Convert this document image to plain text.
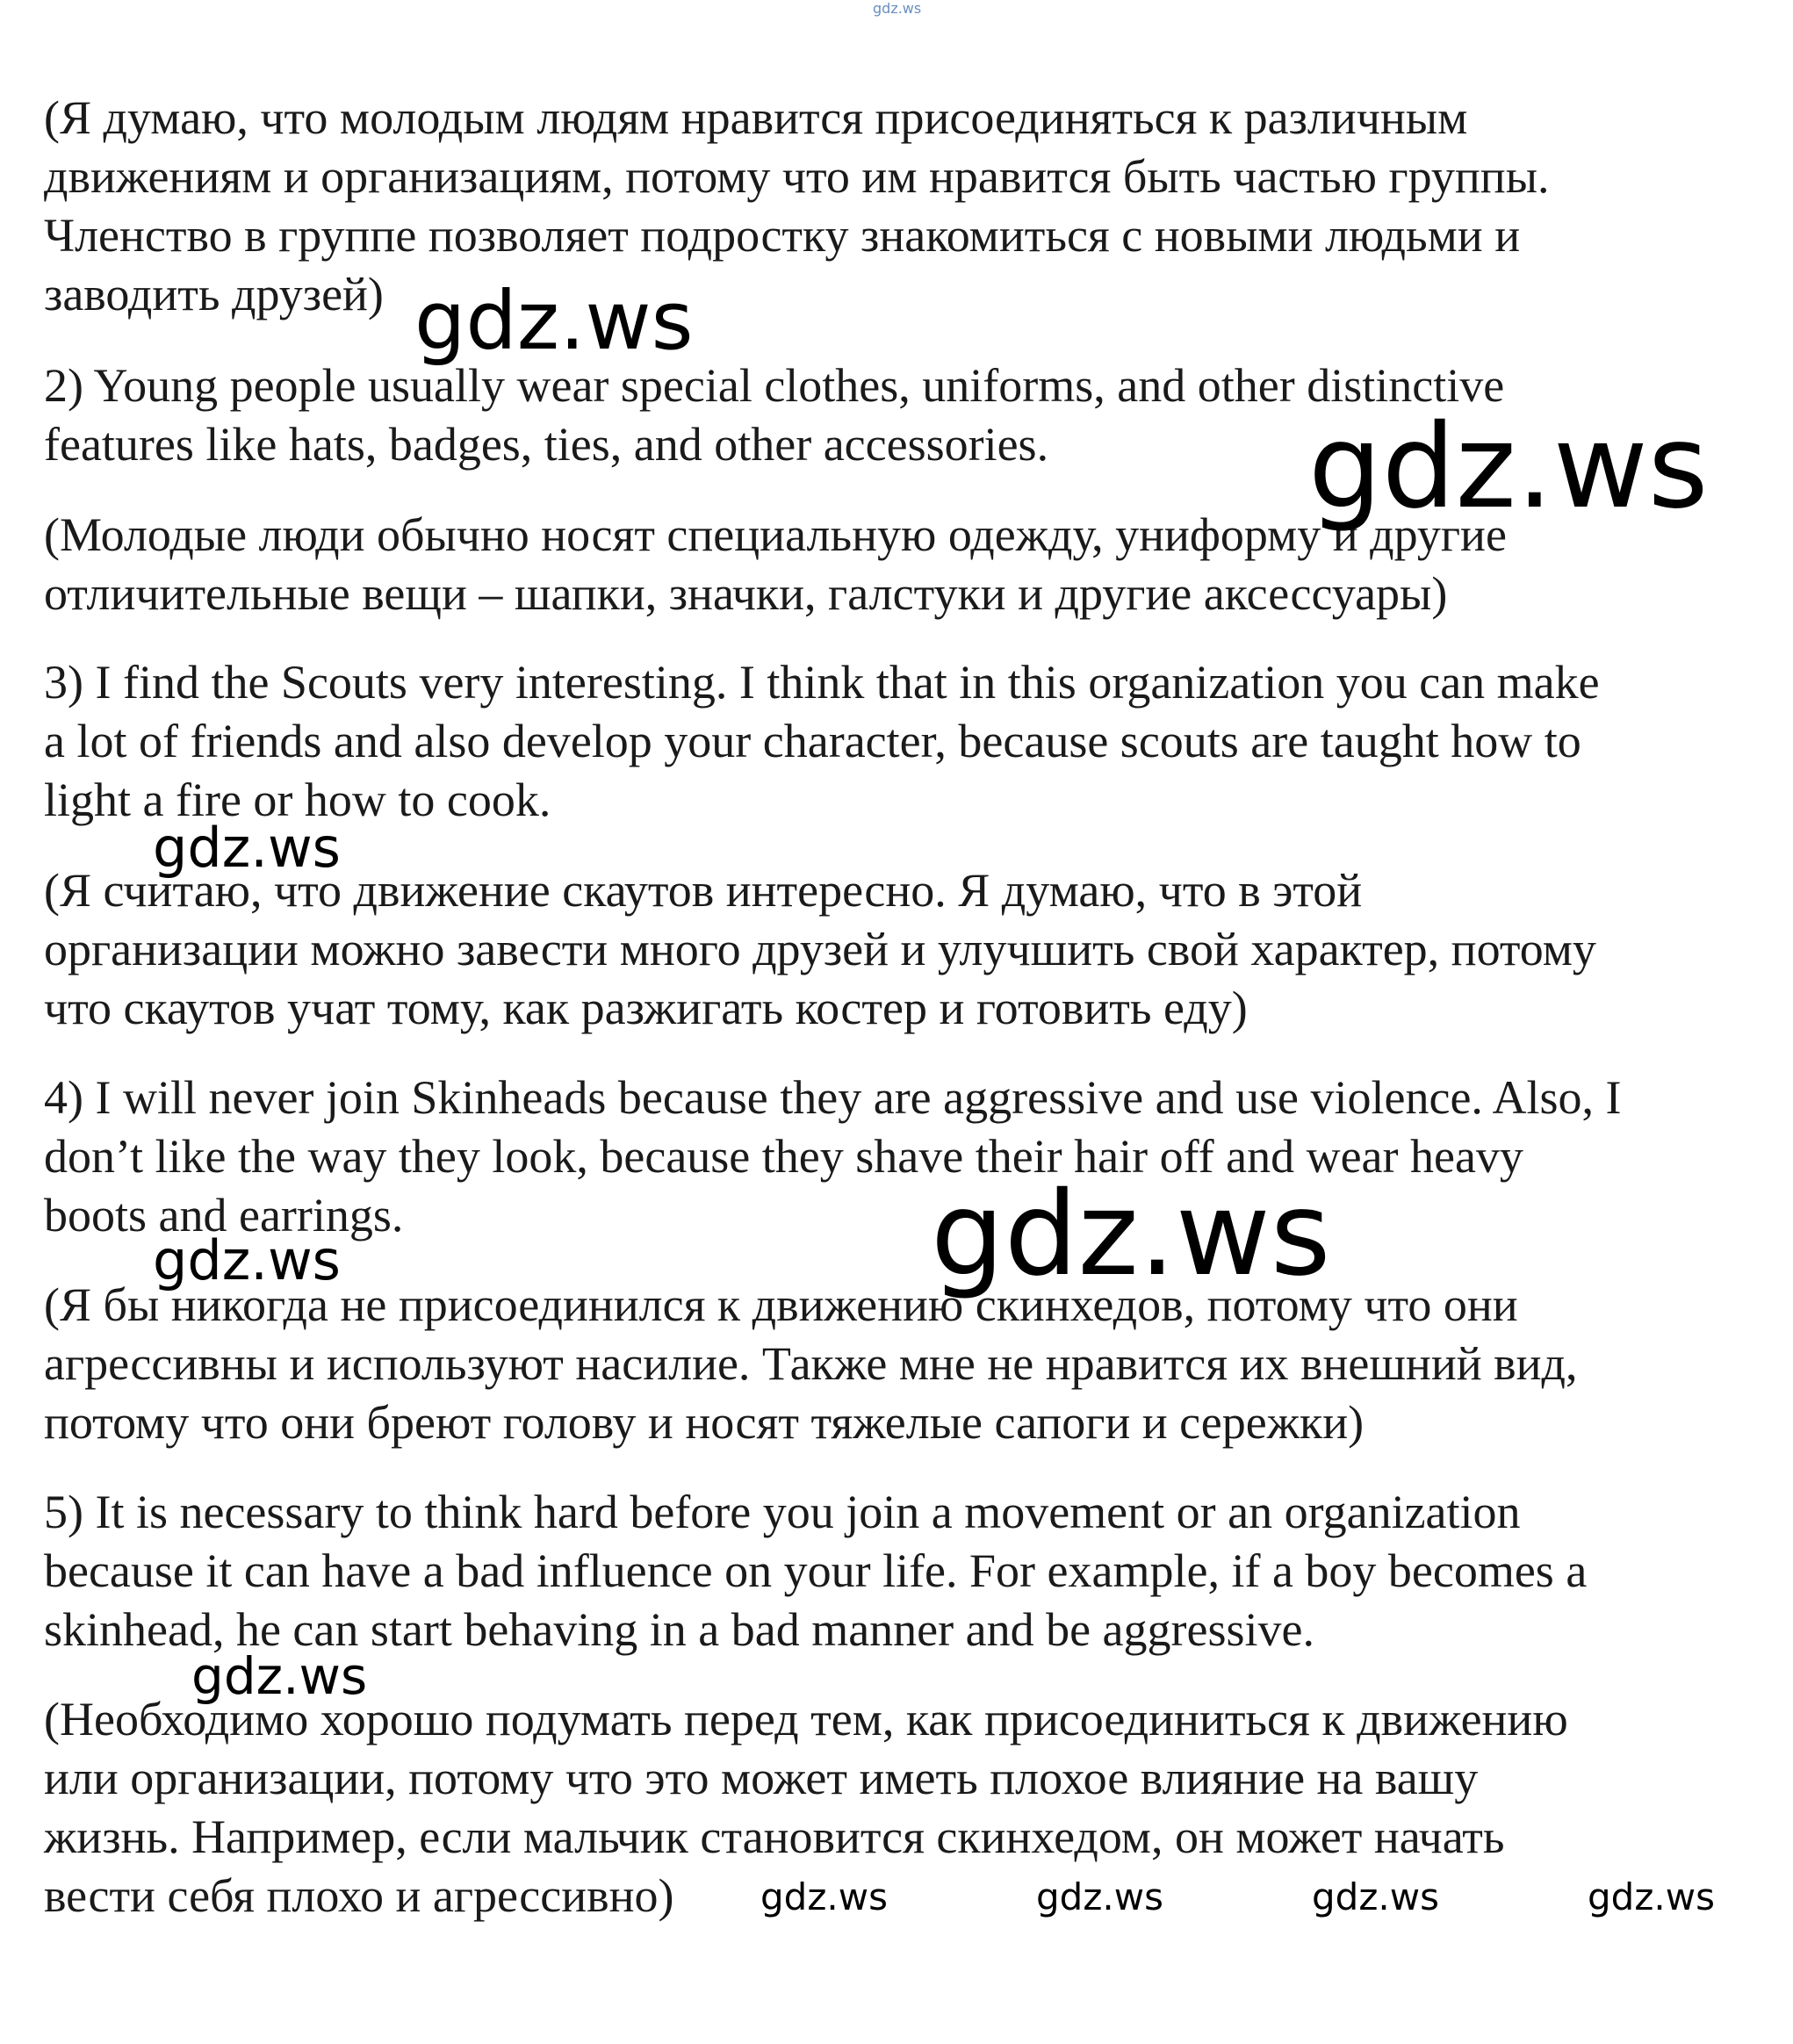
gdz.ws

(Я думаю, что молодым людям нравится присоединяться к различным
движениям и организациям, потому что им нравится быть частью группы.
Членство в группе позволяет подростку знакомиться с новыми людьми и
заводить друзей)

2) Young people usually wear special clothes, uniforms, and other distinctive
features like hats, badges, ties, and other accessories.

(Молодые люди обычно носят специальную одежду, униформу и другие
отличительные вещи – шапки, значки, галстуки и другие аксессуары)

3) I find the Scouts very interesting. I think that in this organization you can make
a lot of friends and also develop your character, because scouts are taught how to
light a fire or how to cook.

(Я считаю, что движение скаутов интересно. Я думаю, что в этой
организации можно завести много друзей и улучшить свой характер, потому
что скаутов учат тому, как разжигать костер и готовить еду)

4) I will never join Skinheads because they are aggressive and use violence. Also, I
don’t like the way they look, because they shave their hair off and wear heavy
boots and earrings.

(Я бы никогда не присоединился к движению скинхедов, потому что они
агрессивны и используют насилие. Также мне не нравится их внешний вид,
потому что они бреют голову и носят тяжелые сапоги и сережки)

5) It is necessary to think hard before you join a movement or an organization
because it can have a bad influence on your life. For example, if a boy becomes a
skinhead, he can start behaving in a bad manner and be aggressive.

(Необходимо хорошо подумать перед тем, как присоединиться к движению
или организации, потому что это может иметь плохое влияние на вашу
жизнь. Например, если мальчик становится скинхедом, он может начать
вести себя плохо и агрессивно)

gdz.ws
gdz.ws
gdz.ws
gdz.ws
gdz.ws
gdz.ws
gdz.ws	gdz.ws	gdz.ws	gdz.ws
